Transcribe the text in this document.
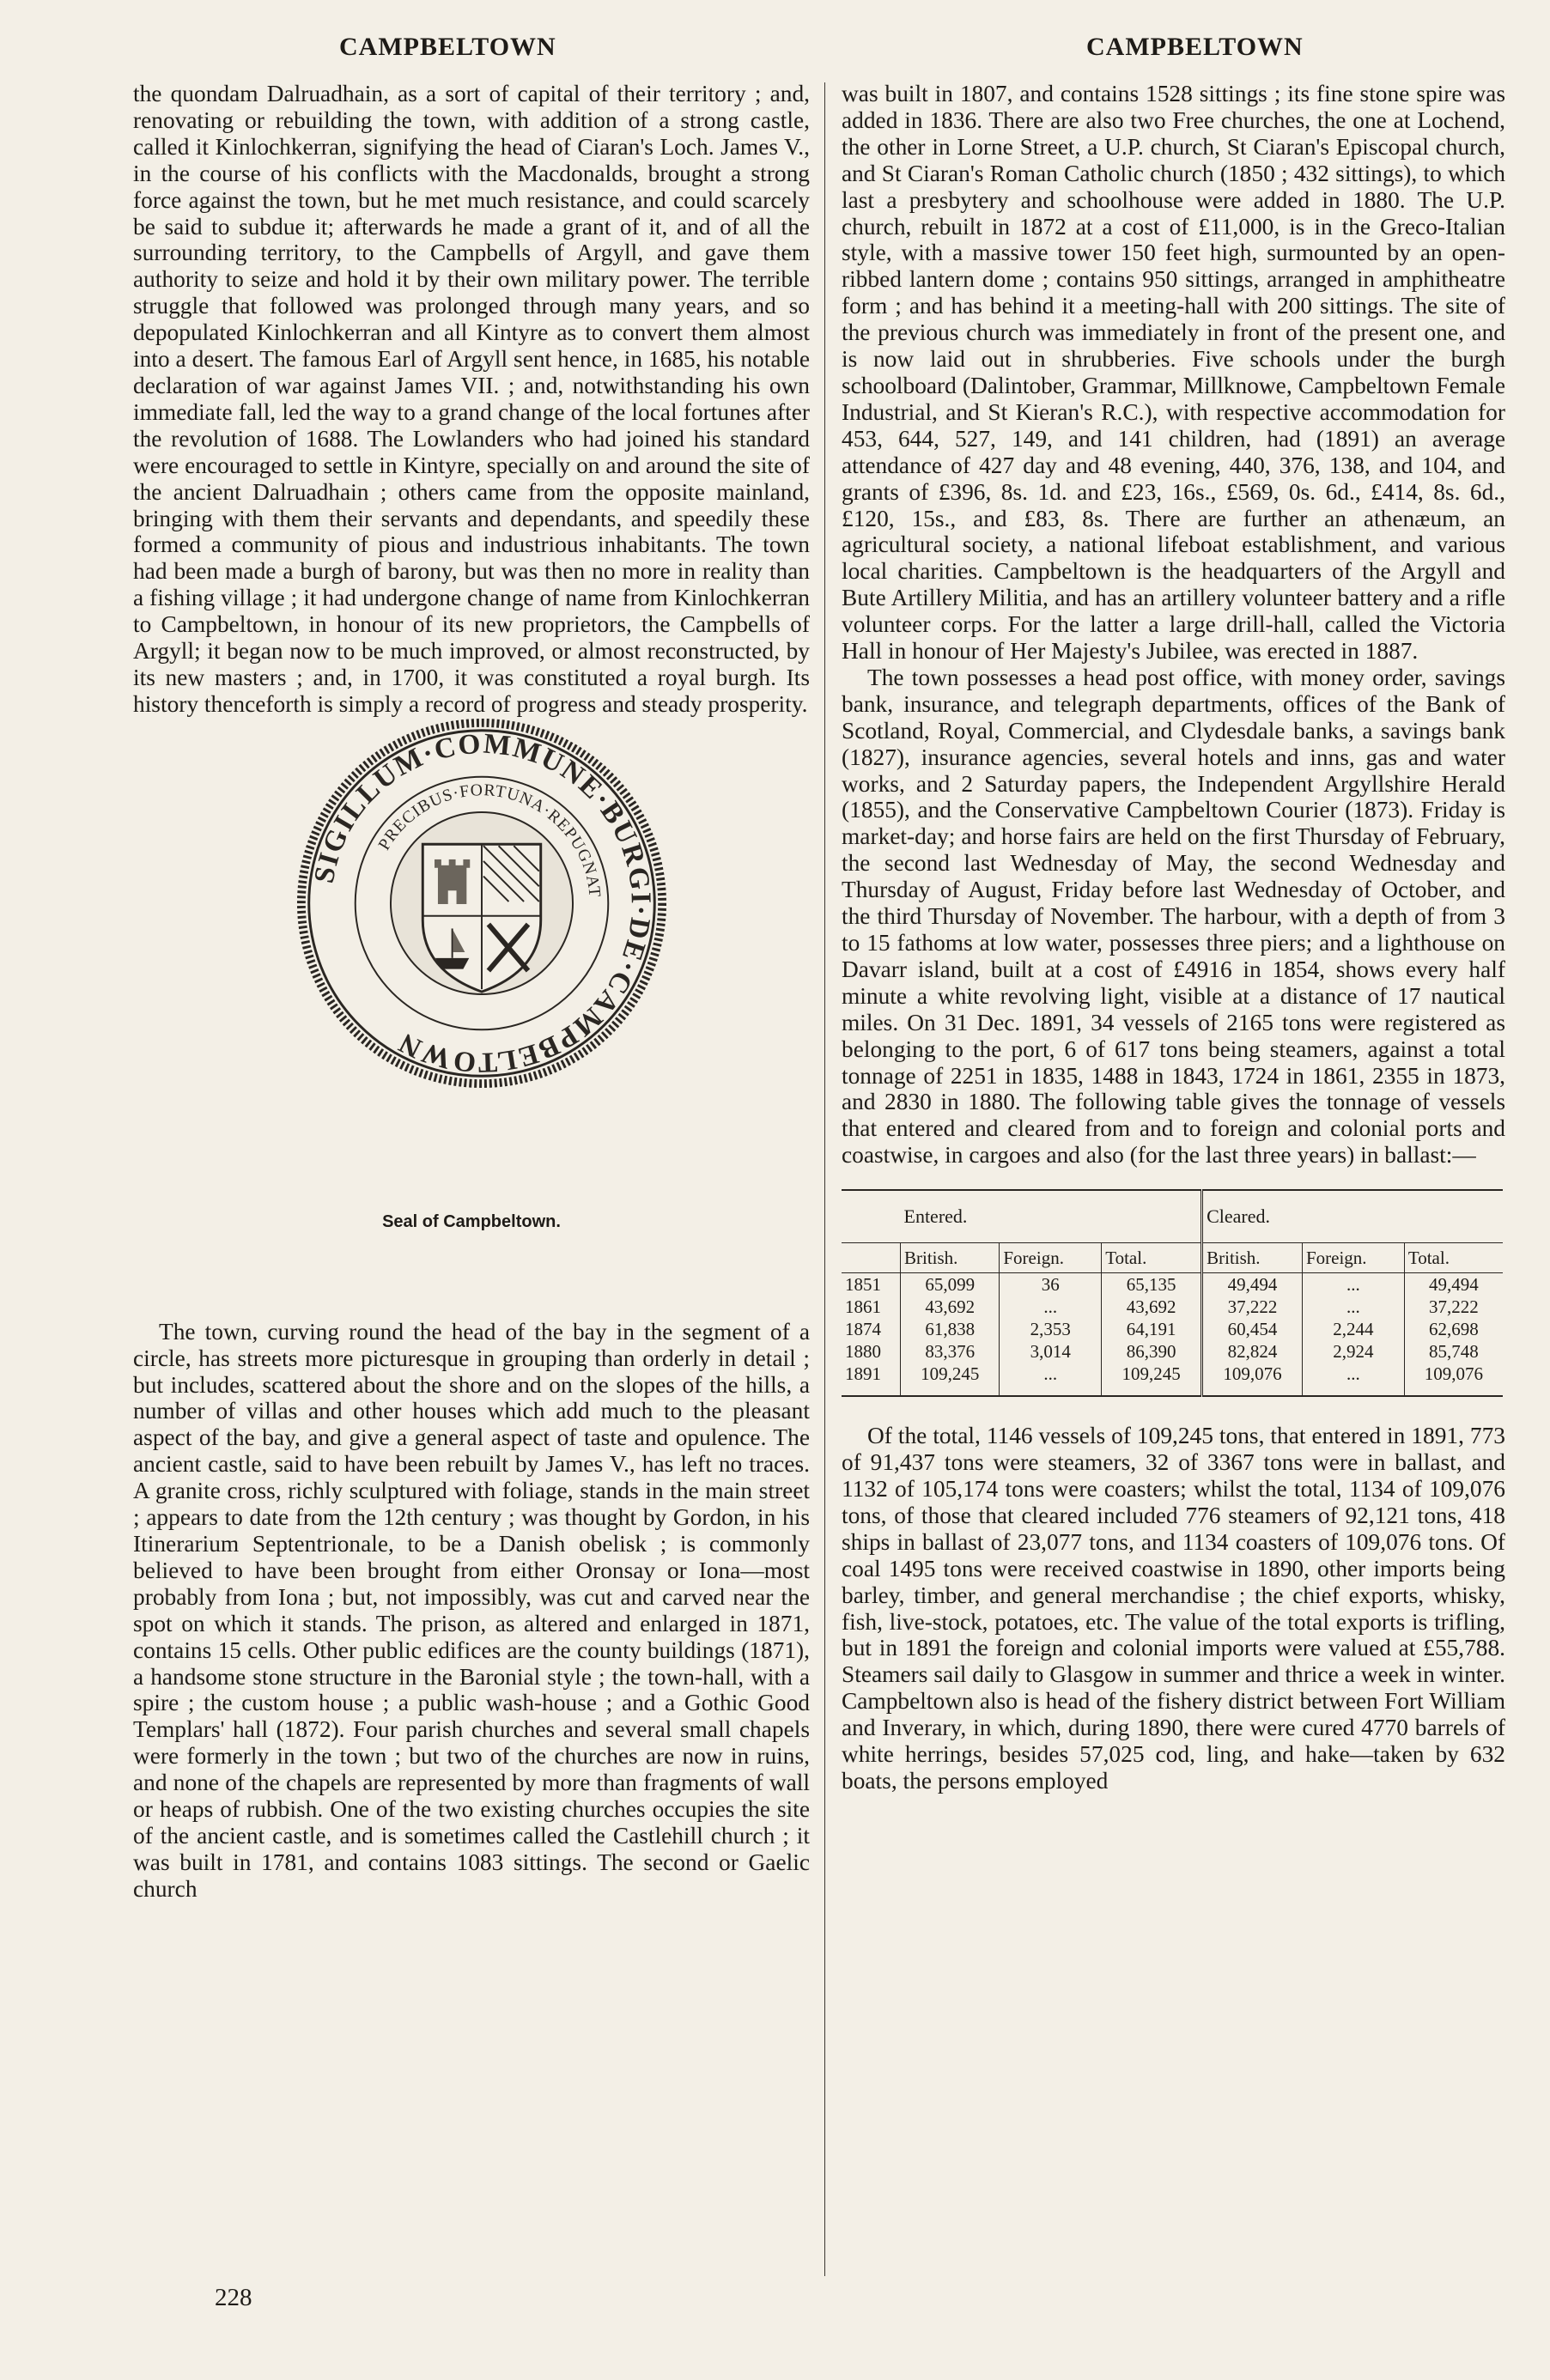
CAMPBELTOWN	CAMPBELTOWN

the quondam Dalruadhain, as a sort of capital of their territory ; and, renovating or rebuilding the town, with addition of a strong castle, called it Kinlochkerran, signifying the head of Ciaran's Loch. James V., in the course of his conflicts with the Macdonalds, brought a strong force against the town, but he met much resistance, and could scarcely be said to subdue it; afterwards he made a grant of it, and of all the surrounding territory, to the Campbells of Argyll, and gave them authority to seize and hold it by their own military power. The terrible struggle that followed was prolonged through many years, and so depopulated Kinlochkerran and all Kintyre as to convert them almost into a desert. The famous Earl of Argyll sent hence, in 1685, his notable declaration of war against James VII. ; and, notwithstanding his own immediate fall, led the way to a grand change of the local fortunes after the revolution of 1688. The Lowlanders who had joined his standard were encouraged to settle in Kintyre, specially on and around the site of the ancient Dalruadhain ; others came from the opposite mainland, bringing with them their servants and dependants, and speedily these formed a community of pious and industrious inhabitants. The town had been made a burgh of barony, but was then no more in reality than a fishing village ; it had undergone change of name from Kinlochkerran to Campbeltown, in honour of its new proprietors, the Campbells of Argyll; it began now to be much improved, or almost reconstructed, by its new masters ; and, in 1700, it was constituted a royal burgh. Its history thenceforth is simply a record of progress and steady prosperity.

SIGILLUM·COMMUNE·BURGI·DE·CAMPBELTOWN
PRECIBUS·FORTUNA·REPUGNAT
Seal of Campbeltown.

The town, curving round the head of the bay in the segment of a circle, has streets more picturesque in grouping than orderly in detail ; but includes, scattered about the shore and on the slopes of the hills, a number of villas and other houses which add much to the pleasant aspect of the bay, and give a general aspect of taste and opulence. The ancient castle, said to have been rebuilt by James V., has left no traces. A granite cross, richly sculptured with foliage, stands in the main street ; appears to date from the 12th century ; was thought by Gordon, in his Itinerarium Septentrionale, to be a Danish obelisk ; is commonly believed to have been brought from either Oronsay or Iona—most probably from Iona ; but, not impossibly, was cut and carved near the spot on which it stands. The prison, as altered and enlarged in 1871, contains 15 cells. Other public edifices are the county buildings (1871), a handsome stone structure in the Baronial style ; the town-hall, with a spire ; the custom house ; a public wash-house ; and a Gothic Good Templars' hall (1872). Four parish churches and several small chapels were formerly in the town ; but two of the churches are now in ruins, and none of the chapels are represented by more than fragments of wall or heaps of rubbish. One of the two existing churches occupies the site of the ancient castle, and is sometimes called the Castlehill church ; it was built in 1781, and contains 1083 sittings. The second or Gaelic church

228

was built in 1807, and contains 1528 sittings ; its fine stone spire was added in 1836. There are also two Free churches, the one at Lochend, the other in Lorne Street, a U.P. church, St Ciaran's Episcopal church, and St Ciaran's Roman Catholic church (1850 ; 432 sittings), to which last a presbytery and schoolhouse were added in 1880. The U.P. church, rebuilt in 1872 at a cost of £11,000, is in the Greco-Italian style, with a massive tower 150 feet high, surmounted by an open-ribbed lantern dome ; contains 950 sittings, arranged in amphitheatre form ; and has behind it a meeting-hall with 200 sittings. The site of the previous church was immediately in front of the present one, and is now laid out in shrubberies. Five schools under the burgh schoolboard (Dalintober, Grammar, Millknowe, Campbeltown Female Industrial, and St Kieran's R.C.), with respective accommodation for 453, 644, 527, 149, and 141 children, had (1891) an average attendance of 427 day and 48 evening, 440, 376, 138, and 104, and grants of £396, 8s. 1d. and £23, 16s., £569, 0s. 6d., £414, 8s. 6d., £120, 15s., and £83, 8s. There are further an athenæum, an agricultural society, a national lifeboat establishment, and various local charities. Campbeltown is the headquarters of the Argyll and Bute Artillery Militia, and has an artillery volunteer battery and a rifle volunteer corps. For the latter a large drill-hall, called the Victoria Hall in honour of Her Majesty's Jubilee, was erected in 1887.

The town possesses a head post office, with money order, savings bank, insurance, and telegraph departments, offices of the Bank of Scotland, Royal, Commercial, and Clydesdale banks, a savings bank (1827), insurance agencies, several hotels and inns, gas and water works, and 2 Saturday papers, the Independent Argyllshire Herald (1855), and the Conservative Campbeltown Courier (1873). Friday is market-day; and horse fairs are held on the first Thursday of February, the second last Wednesday of May, the second Wednesday and Thursday of August, Friday before last Wednesday of October, and the third Thursday of November. The harbour, with a depth of from 3 to 15 fathoms at low water, possesses three piers; and a lighthouse on Davarr island, built at a cost of £4916 in 1854, shows every half minute a white revolving light, visible at a distance of 17 nautical miles. On 31 Dec. 1891, 34 vessels of 2165 tons were registered as belonging to the port, 6 of 617 tons being steamers, against a total tonnage of 2251 in 1835, 1488 in 1843, 1724 in 1861, 2355 in 1873, and 2830 in 1880. The following table gives the tonnage of vessels that entered and cleared from and to foreign and colonial ports and coastwise, in cargoes and also (for the last three years) in ballast:—

	Entered.			Cleared.		
	British.	Foreign.	Total.	British.	Foreign.	Total.
1851	65,099	36	65,135	49,494	...	49,494
1861	43,692	...	43,692	37,222	...	37,222
1874	61,838	2,353	64,191	60,454	2,244	62,698
1880	83,376	3,014	86,390	82,824	2,924	85,748
1891	109,245	...	109,245	109,076	...	109,076

Of the total, 1146 vessels of 109,245 tons, that entered in 1891, 773 of 91,437 tons were steamers, 32 of 3367 tons were in ballast, and 1132 of 105,174 tons were coasters; whilst the total, 1134 of 109,076 tons, of those that cleared included 776 steamers of 92,121 tons, 418 ships in ballast of 23,077 tons, and 1134 coasters of 109,076 tons. Of coal 1495 tons were received coastwise in 1890, other imports being barley, timber, and general merchandise ; the chief exports, whisky, fish, live-stock, potatoes, etc. The value of the total exports is trifling, but in 1891 the foreign and colonial imports were valued at £55,788. Steamers sail daily to Glasgow in summer and thrice a week in winter. Campbeltown also is head of the fishery district between Fort William and Inverary, in which, during 1890, there were cured 4770 barrels of white herrings, besides 57,025 cod, ling, and hake—taken by 632 boats, the persons employed
